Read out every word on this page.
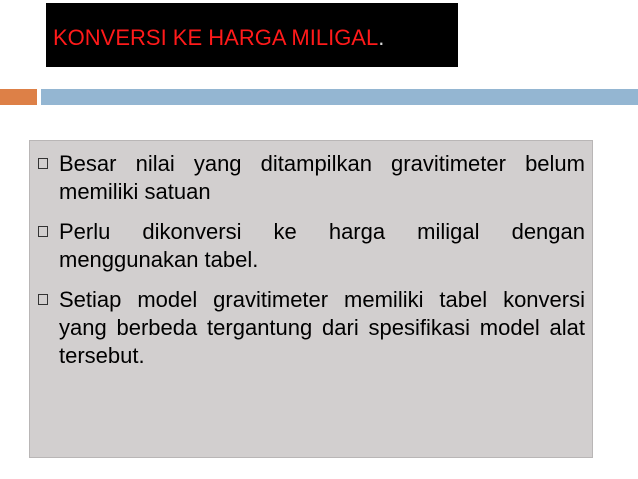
KONVERSI KE HARGA MILIGAL.
Besar nilai yang ditampilkan gravitimeter belum memiliki satuan
Perlu dikonversi ke harga miligal dengan menggunakan tabel.
Setiap model gravitimeter memiliki tabel konversi yang berbeda tergantung dari spesifikasi model alat tersebut.
